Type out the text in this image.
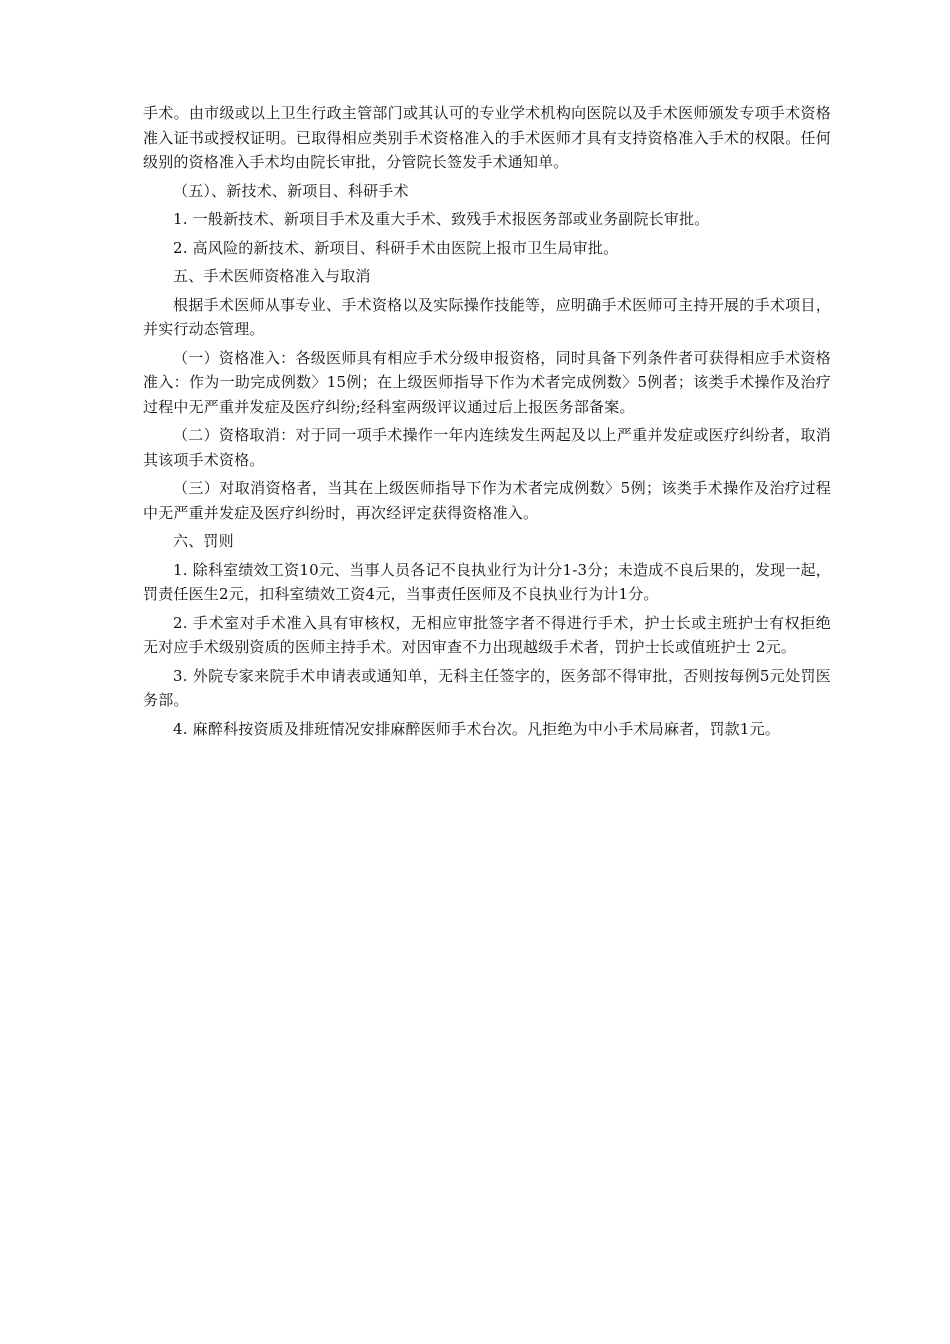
手术。由市级或以上卫生行政主管部门或其认可的专业学术机构向医院以及手术医师颁发专项手术资格准入证书或授权证明。已取得相应类别手术资格准入的手术医师才具有支持资格准入手术的权限。任何级别的资格准入手术均由院长审批，分管院长签发手术通知单。

（五）、新技术、新项目、科研手术

1. 一般新技术、新项目手术及重大手术、致残手术报医务部或业务副院长审批。

2. 高风险的新技术、新项目、科研手术由医院上报市卫生局审批。

五、手术医师资格准入与取消

根据手术医师从事专业、手术资格以及实际操作技能等，应明确手术医师可主持开展的手术项目，并实行动态管理。

（一）资格准入：各级医师具有相应手术分级申报资格，同时具备下列条件者可获得相应手术资格准入：作为一助完成例数〉15例；在上级医师指导下作为术者完成例数〉5例者；该类手术操作及治疗过程中无严重并发症及医疗纠纷;经科室两级评议通过后上报医务部备案。

（二）资格取消：对于同一项手术操作一年内连续发生两起及以上严重并发症或医疗纠纷者，取消其该项手术资格。

（三）对取消资格者，当其在上级医师指导下作为术者完成例数〉5例；该类手术操作及治疗过程中无严重并发症及医疗纠纷时，再次经评定获得资格准入。

六、罚则

1. 除科室绩效工资10元、当事人员各记不良执业行为计分1-3分；未造成不良后果的，发现一起，罚责任医生2元，扣科室绩效工资4元，当事责任医师及不良执业行为计1分。

2. 手术室对手术准入具有审核权，无相应审批签字者不得进行手术，护士长或主班护士有权拒绝无对应手术级别资质的医师主持手术。对因审查不力出现越级手术者，罚护士长或值班护士 2元。

3. 外院专家来院手术申请表或通知单，无科主任签字的，医务部不得审批，否则按每例5元处罚医务部。

4. 麻醉科按资质及排班情况安排麻醉医师手术台次。凡拒绝为中小手术局麻者，罚款1元。
